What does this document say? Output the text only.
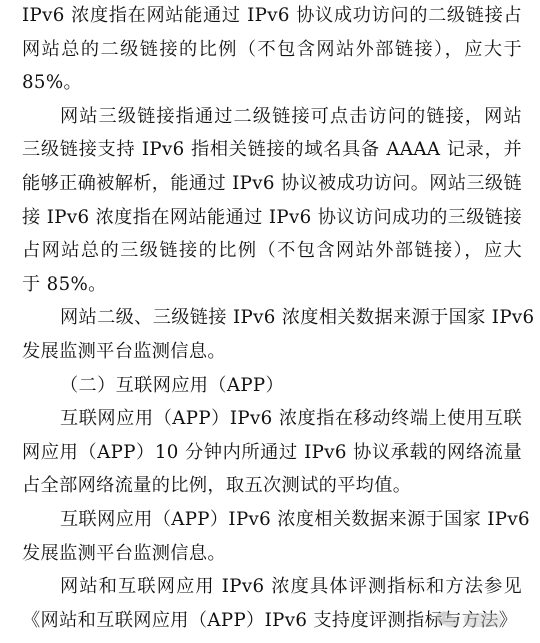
IPv6 浓度指在网站能通过 IPv6 协议成功访问的二级链接占

网站总的二级链接的比例（不包含网站外部链接），应大于

85%。

网站三级链接指通过二级链接可点击访问的链接，网站

三级链接支持 IPv6 指相关链接的域名具备 AAAA 记录，并

能够正确被解析，能通过 IPv6 协议被成功访问。网站三级链

接 IPv6 浓度指在网站能通过 IPv6 协议访问成功的三级链接

占网站总的三级链接的比例（不包含网站外部链接），应大

于 85%。

网站二级、三级链接 IPv6 浓度相关数据来源于国家 IPv6

发展监测平台监测信息。

（二）互联网应用（APP）

互联网应用（APP）IPv6 浓度指在移动终端上使用互联

网应用（APP）10 分钟内所通过 IPv6 协议承载的网络流量

占全部网络流量的比例，取五次测试的平均值。

互联网应用（APP）IPv6 浓度相关数据来源于国家 IPv6

发展监测平台监测信息。

网站和互联网应用 IPv6 浓度具体评测指标和方法参见

《网站和互联网应用（APP）IPv6 支持度评测指标与方法》
